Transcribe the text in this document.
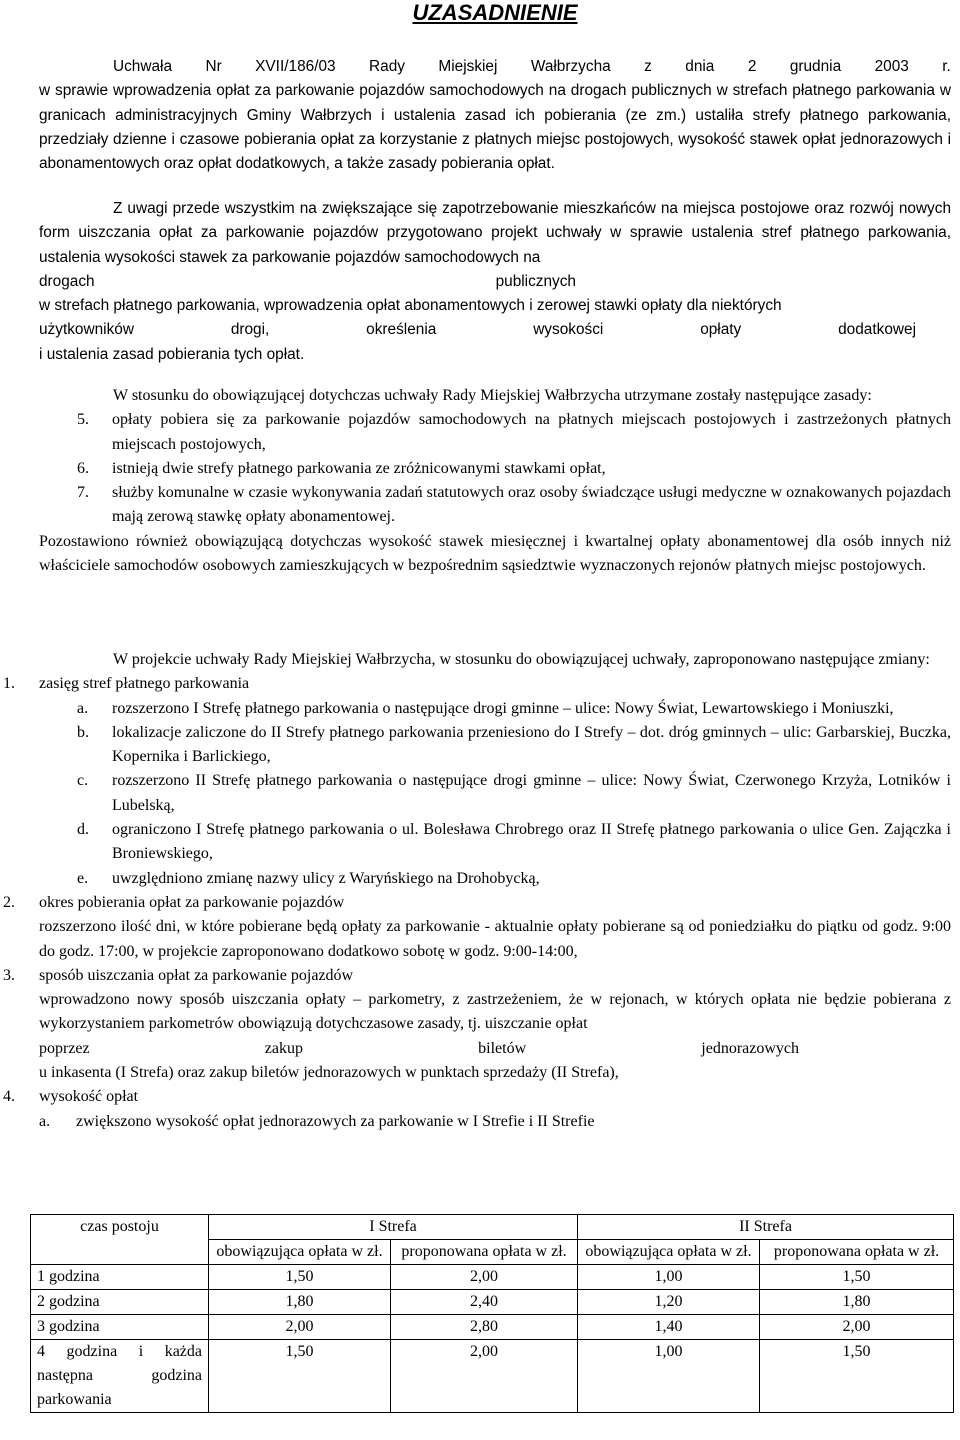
UZASADNIENIE
Uchwała Nr XVII/186/03 Rady Miejskiej Wałbrzycha z dnia 2 grudnia 2003 r.

w sprawie wprowadzenia opłat za parkowanie pojazdów samochodowych na drogach publicznych w strefach płatnego parkowania w granicach administracyjnych Gminy Wałbrzych i ustalenia zasad ich pobierania (ze zm.) ustaliła strefy płatnego parkowania, przedziały dzienne i czasowe pobierania opłat za korzystanie z płatnych miejsc postojowych, wysokość stawek opłat jednorazowych i abonamentowych oraz opłat dodatkowych, a także zasady pobierania opłat.

Z uwagi przede wszystkim na zwiększające się zapotrzebowanie mieszkańców na miejsca postojowe oraz rozwój nowych form uiszczania opłat za parkowanie pojazdów przygotowano projekt uchwały w sprawie ustalenia stref płatnego parkowania, ustalenia wysokości stawek za parkowanie pojazdów samochodowych na

drogach	publicznych
w strefach płatnego parkowania, wprowadzenia opłat abonamentowych i zerowej stawki opłaty dla niektórych
użytkowników	drogi,	określenia	wysokości	opłaty	dodatkowej
i ustalenia zasad pobierania tych opłat.

W stosunku do obowiązującej dotychczas uchwały Rady Miejskiej Wałbrzycha utrzymane zostały następujące zasady:

5. opłaty pobiera się za parkowanie pojazdów samochodowych na płatnych miejscach postojowych i zastrzeżonych płatnych miejscach postojowych,
6. istnieją dwie strefy płatnego parkowania ze zróżnicowanymi stawkami opłat,
7. służby komunalne w czasie wykonywania zadań statutowych oraz osoby świadczące usługi medyczne w oznakowanych pojazdach mają zerową stawkę opłaty abonamentowej.

Pozostawiono również obowiązującą dotychczas wysokość stawek miesięcznej i kwartalnej opłaty abonamentowej dla osób innych niż właściciele samochodów osobowych zamieszkujących w bezpośrednim sąsiedztwie wyznaczonych rejonów płatnych miejsc postojowych.

W projekcie uchwały Rady Miejskiej Wałbrzycha, w stosunku do obowiązującej uchwały, zaproponowano następujące zmiany:

1. zasięg stref płatnego parkowania
a. rozszerzono I Strefę płatnego parkowania o następujące drogi gminne – ulice: Nowy Świat, Lewartowskiego i Moniuszki,
b. lokalizacje zaliczone do II Strefy płatnego parkowania przeniesiono do I Strefy – dot. dróg gminnych – ulic: Garbarskiej, Buczka, Kopernika i Barlickiego,
c. rozszerzono II Strefę płatnego parkowania o następujące drogi gminne – ulice: Nowy Świat, Czerwonego Krzyża, Lotników i Lubelską,
d. ograniczono I Strefę płatnego parkowania o ul. Bolesława Chrobrego oraz II Strefę płatnego parkowania o ulice Gen. Zajączka i Broniewskiego,
e. uwzględniono zmianę nazwy ulicy z Waryńskiego na Drohobycką,
2. okres pobierania opłat za parkowanie pojazdów

rozszerzono ilość dni, w które pobierane będą opłaty za parkowanie - aktualnie opłaty pobierane są od poniedziałku do piątku od godz. 9:00 do godz. 17:00, w projekcie zaproponowano dodatkowo sobotę w godz. 9:00-14:00,

3. sposób uiszczania opłat za parkowanie pojazdów

wprowadzono nowy sposób uiszczania opłaty – parkometry, z zastrzeżeniem, że w rejonach, w których opłata nie będzie pobierana z wykorzystaniem parkometrów obowiązują dotychczasowe zasady, tj. uiszczanie opłat

poprzez	zakup	biletów	jednorazowych
u inkasenta (I Strefa) oraz zakup biletów jednorazowych w punktach sprzedaży (II Strefa),
4. wysokość opłat
a. zwiększono wysokość opłat jednorazowych za parkowanie w I Strefie i II Strefie
czas postoju	I Strefa		II Strefa	
	obowiązująca opłata w zł.	proponowana opłata w zł.	obowiązująca opłata w zł.	proponowana opłata w zł.
1 godzina	1,50	2,00	1,00	1,50
2 godzina	1,80	2,40	1,20	1,80
3 godzina	2,00	2,80	1,40	2,00
4 godzina i każda następna godzina parkowania	1,50	2,00	1,00	1,50
